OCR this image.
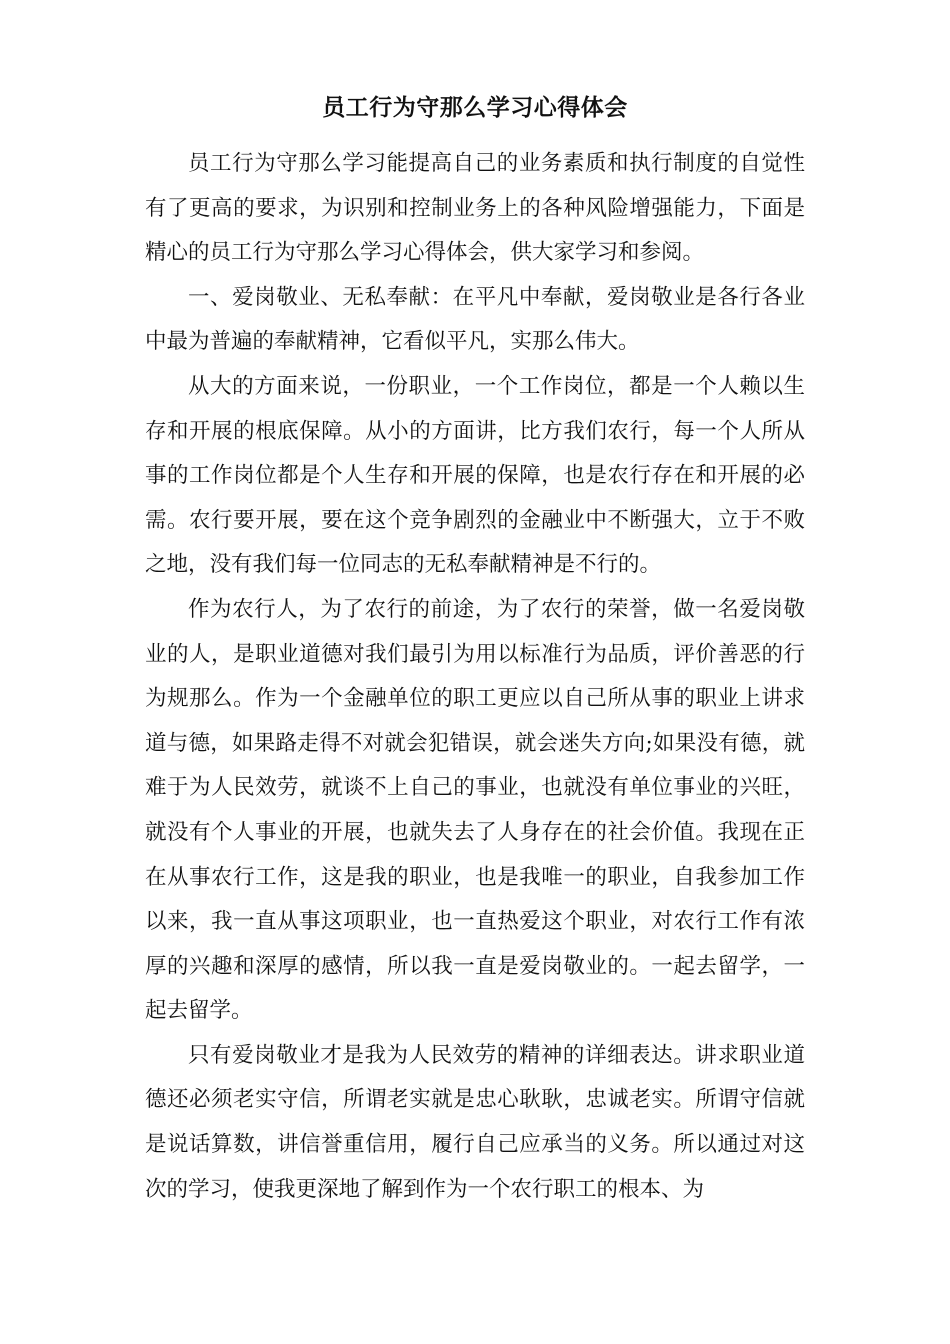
员工行为守那么学习心得体会

员工行为守那么学习能提高自己的业务素质和执行制度的自觉性有了更高的要求，为识别和控制业务上的各种风险增强能力，下面是精心的员工行为守那么学习心得体会，供大家学习和参阅。

一、爱岗敬业、无私奉献：在平凡中奉献，爱岗敬业是各行各业中最为普遍的奉献精神，它看似平凡，实那么伟大。

从大的方面来说，一份职业，一个工作岗位，都是一个人赖以生存和开展的根底保障。从小的方面讲，比方我们农行，每一个人所从事的工作岗位都是个人生存和开展的保障，也是农行存在和开展的必需。农行要开展，要在这个竞争剧烈的金融业中不断强大，立于不败之地，没有我们每一位同志的无私奉献精神是不行的。

作为农行人，为了农行的前途，为了农行的荣誉，做一名爱岗敬业的人，是职业道德对我们最引为用以标准行为品质，评价善恶的行为规那么。作为一个金融单位的职工更应以自己所从事的职业上讲求道与德，如果路走得不对就会犯错误，就会迷失方向;如果没有德，就难于为人民效劳，就谈不上自己的事业，也就没有单位事业的兴旺，就没有个人事业的开展，也就失去了人身存在的社会价值。我现在正在从事农行工作，这是我的职业，也是我唯一的职业，自我参加工作以来，我一直从事这项职业，也一直热爱这个职业，对农行工作有浓厚的兴趣和深厚的感情，所以我一直是爱岗敬业的。一起去留学，一起去留学。

只有爱岗敬业才是我为人民效劳的精神的详细表达。讲求职业道德还必须老实守信，所谓老实就是忠心耿耿，忠诚老实。所谓守信就是说话算数，讲信誉重信用，履行自己应承当的义务。所以通过对这次的学习，使我更深地了解到作为一个农行职工的根本、为
